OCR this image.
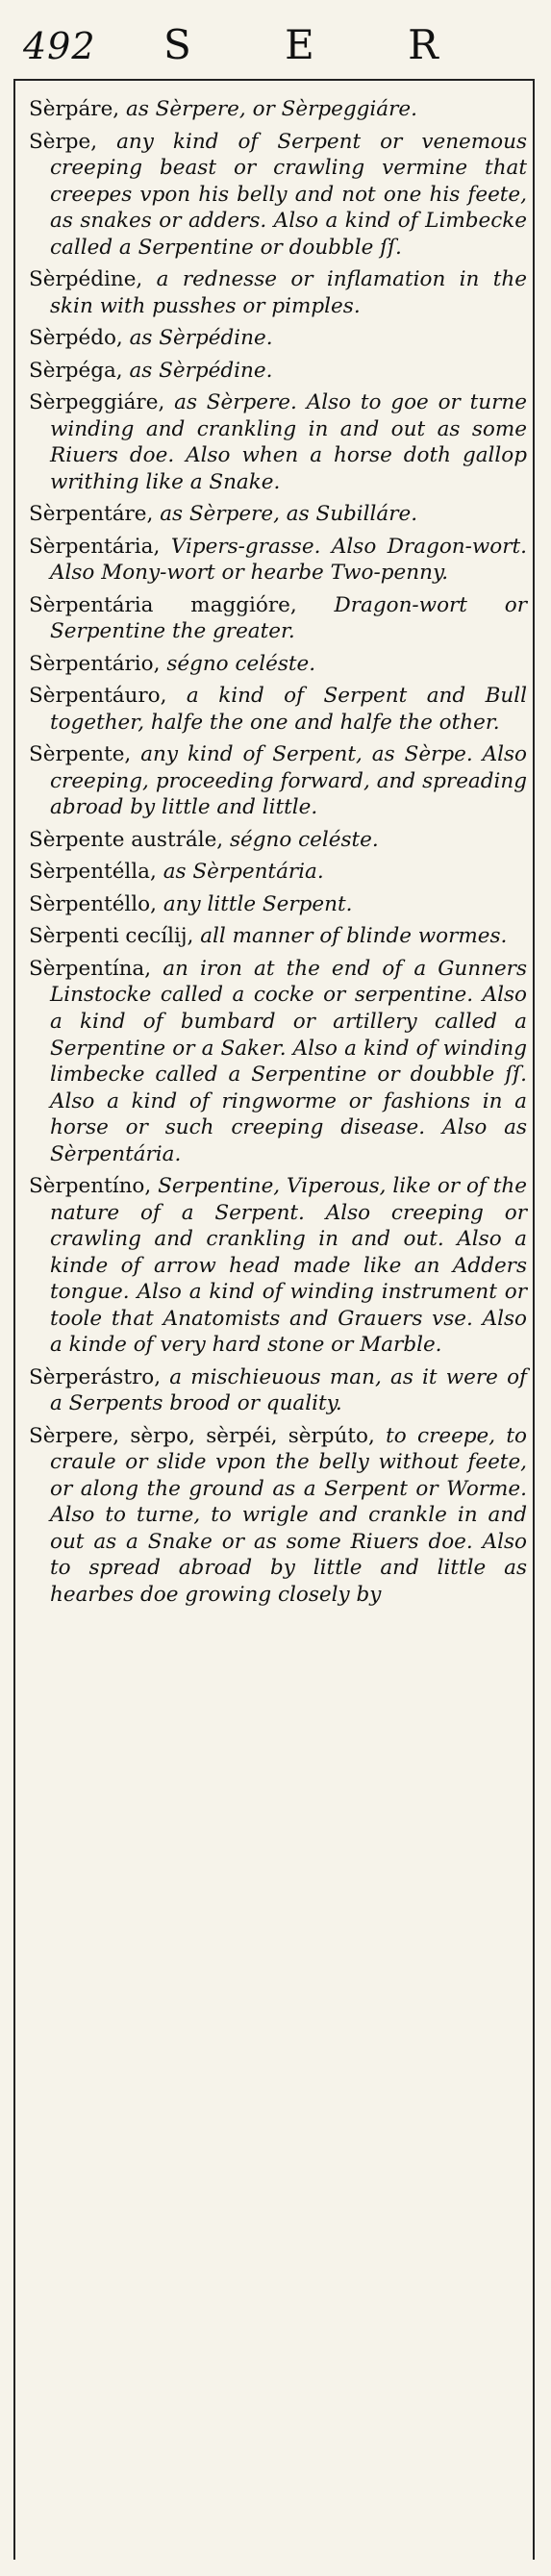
492 S E R

Sèrpáre, as Sèrpere, or Sèrpeggiáre.

Sèrpe, any kind of Serpent or venemous creeping beast or crawling vermine that creepes vpon his belly and not one his feete, as snakes or adders. Also a kind of Limbecke called a Serpentine or doubble ſſ.

Sèrpédine, a rednesse or inflamation in the skin with pusshes or pimples.

Sèrpédo, as Sèrpédine.

Sèrpéga, as Sèrpédine.

Sèrpeggiáre, as Sèrpere. Also to goe or turne winding and crankling in and out as some Riuers doe. Also when a horse doth gallop writhing like a Snake.

Sèrpentáre, as Sèrpere, as Subilláre.

Sèrpentária, Vipers-grasse. Also Dragon-wort. Also Mony-wort or hearbe Two-penny.

Sèrpentária maggióre, Dragon-wort or Serpentine the greater.

Sèrpentário, ségno celéste.

Sèrpentáuro, a kind of Serpent and Bull together, halfe the one and halfe the other.

Sèrpente, any kind of Serpent, as Sèrpe. Also creeping, proceeding forward, and spreading abroad by little and little.

Sèrpente austrále, ségno celéste.

Sèrpentélla, as Sèrpentária.

Sèrpentéllo, any little Serpent.

Sèrpenti cecílij, all manner of blinde wormes.

Sèrpentína, an iron at the end of a Gunners Linstocke called a cocke or serpentine. Also a kind of bumbard or artillery called a Serpentine or a Saker. Also a kind of winding limbecke called a Serpentine or doubble ſſ. Also a kind of ringworme or fashions in a horse or such creeping disease. Also as Sèrpentária.

Sèrpentíno, Serpentine, Viperous, like or of the nature of a Serpent. Also creeping or crawling and crankling in and out. Also a kinde of arrow head made like an Adders tongue. Also a kind of winding instrument or toole that Anatomists and Grauers vse. Also a kinde of very hard stone or Marble.

Sèrperástro, a mischieuous man, as it were of a Serpents brood or quality.

Sèrpere, sèrpo, sèrpéi, sèrpúto, to creepe, to craule or slide vpon the belly without feete, or along the ground as a Serpent or Worme. Also to turne, to wrigle and crankle in and out as a Snake or as some Riuers doe. Also to spread abroad by little and little as hearbes doe growing closely by
